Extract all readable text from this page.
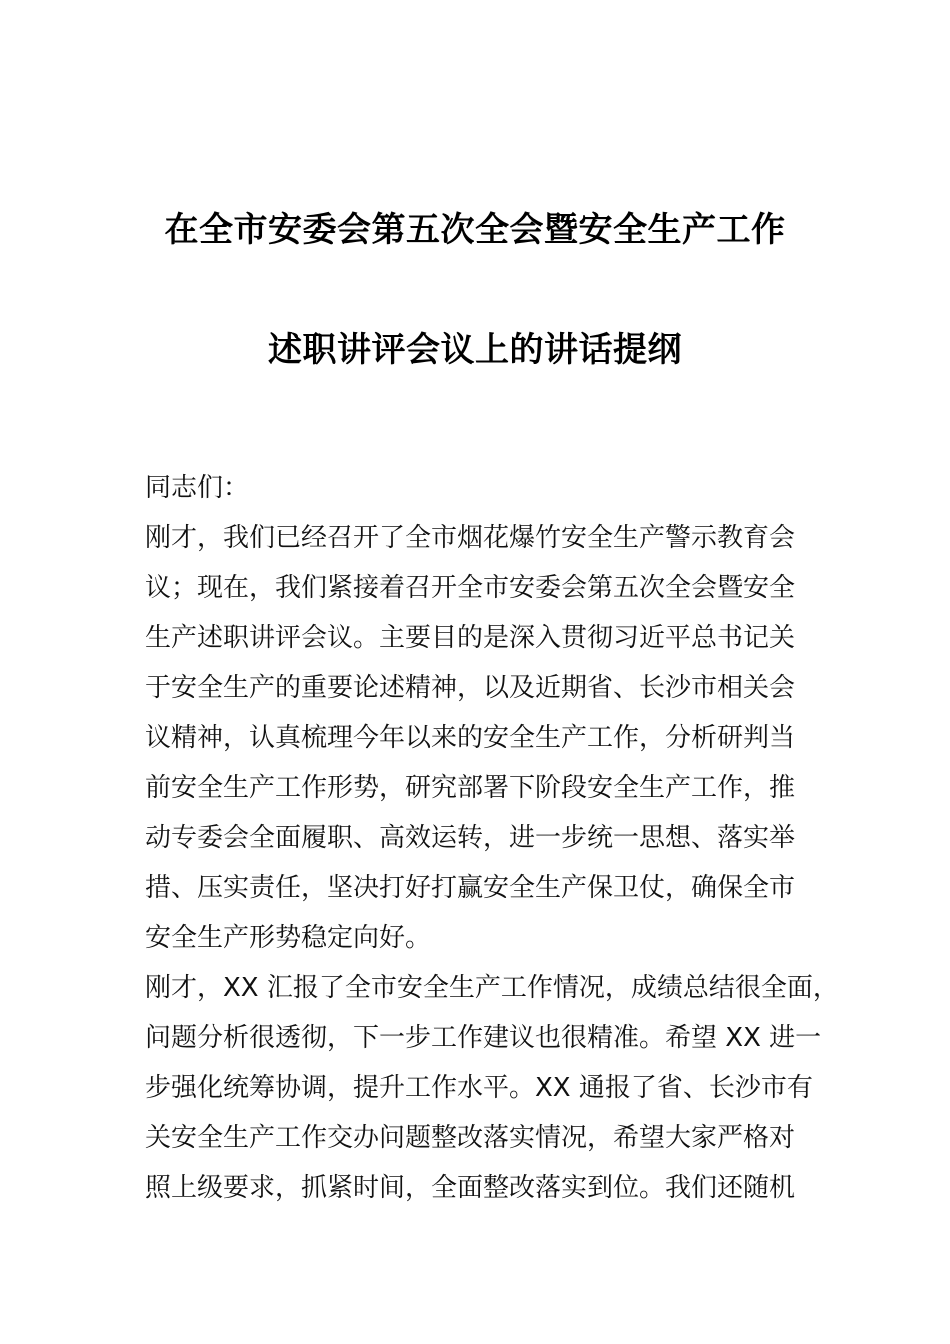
在全市安委会第五次全会暨安全生产工作
述职讲评会议上的讲话提纲
同志们：
刚才，我们已经召开了全市烟花爆竹安全生产警示教育会
议；现在，我们紧接着召开全市安委会第五次全会暨安全
生产述职讲评会议。主要目的是深入贯彻习近平总书记关
于安全生产的重要论述精神，以及近期省、长沙市相关会
议精神，认真梳理今年以来的安全生产工作，分析研判当
前安全生产工作形势，研究部署下阶段安全生产工作，推
动专委会全面履职、高效运转，进一步统一思想、落实举
措、压实责任，坚决打好打赢安全生产保卫仗，确保全市
安全生产形势稳定向好。
刚才，XX 汇报了全市安全生产工作情况，成绩总结很全面，
问题分析很透彻，下一步工作建议也很精准。希望 XX 进一
步强化统筹协调，提升工作水平。XX 通报了省、长沙市有
关安全生产工作交办问题整改落实情况，希望大家严格对
照上级要求，抓紧时间，全面整改落实到位。我们还随机
